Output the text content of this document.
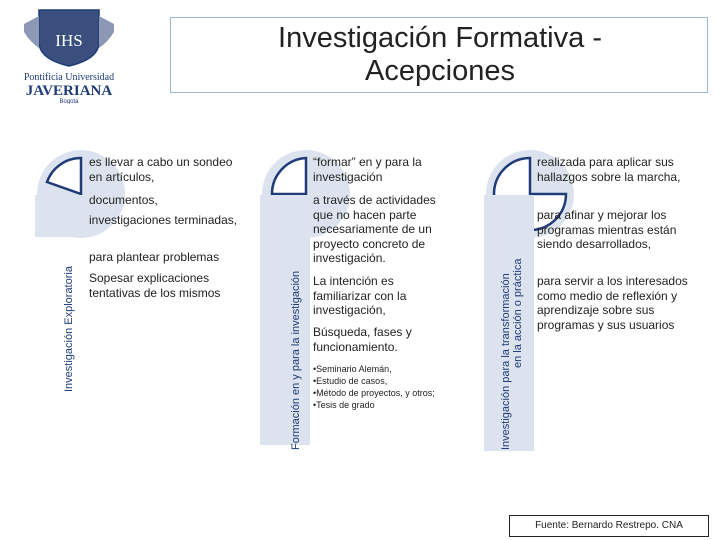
IHS
Pontificia Universidad
JAVERIANA
Bogotá
Investigación Formativa -
Acepciones
Investigación Exploratoria
es llevar a cabo un sondeo en artículos,
documentos,
investigaciones terminadas,
para plantear problemas
Sopesar explicaciones tentativas de los mismos	Formación en y para la investigación
“formar” en y para la investigación
a través de actividades que no hacen parte necesariamente de un proyecto concreto de investigación.
La intención es familiarizar con la investigación,
Búsqueda, fases y funcionamiento.
•Seminario Alemán,
•Estudio de casos,
•Método de proyectos, y otros;
•Tesis de grado	Investigación para la transformación en la acción o práctica
realizada para aplicar sus hallazgos sobre la marcha,
para afinar y mejorar los programas mientras están siendo desarrollados,
para servir a los interesados como medio de reflexión y aprendizaje sobre sus programas y sus usuarios
Fuente: Bernardo Restrepo. CNA
